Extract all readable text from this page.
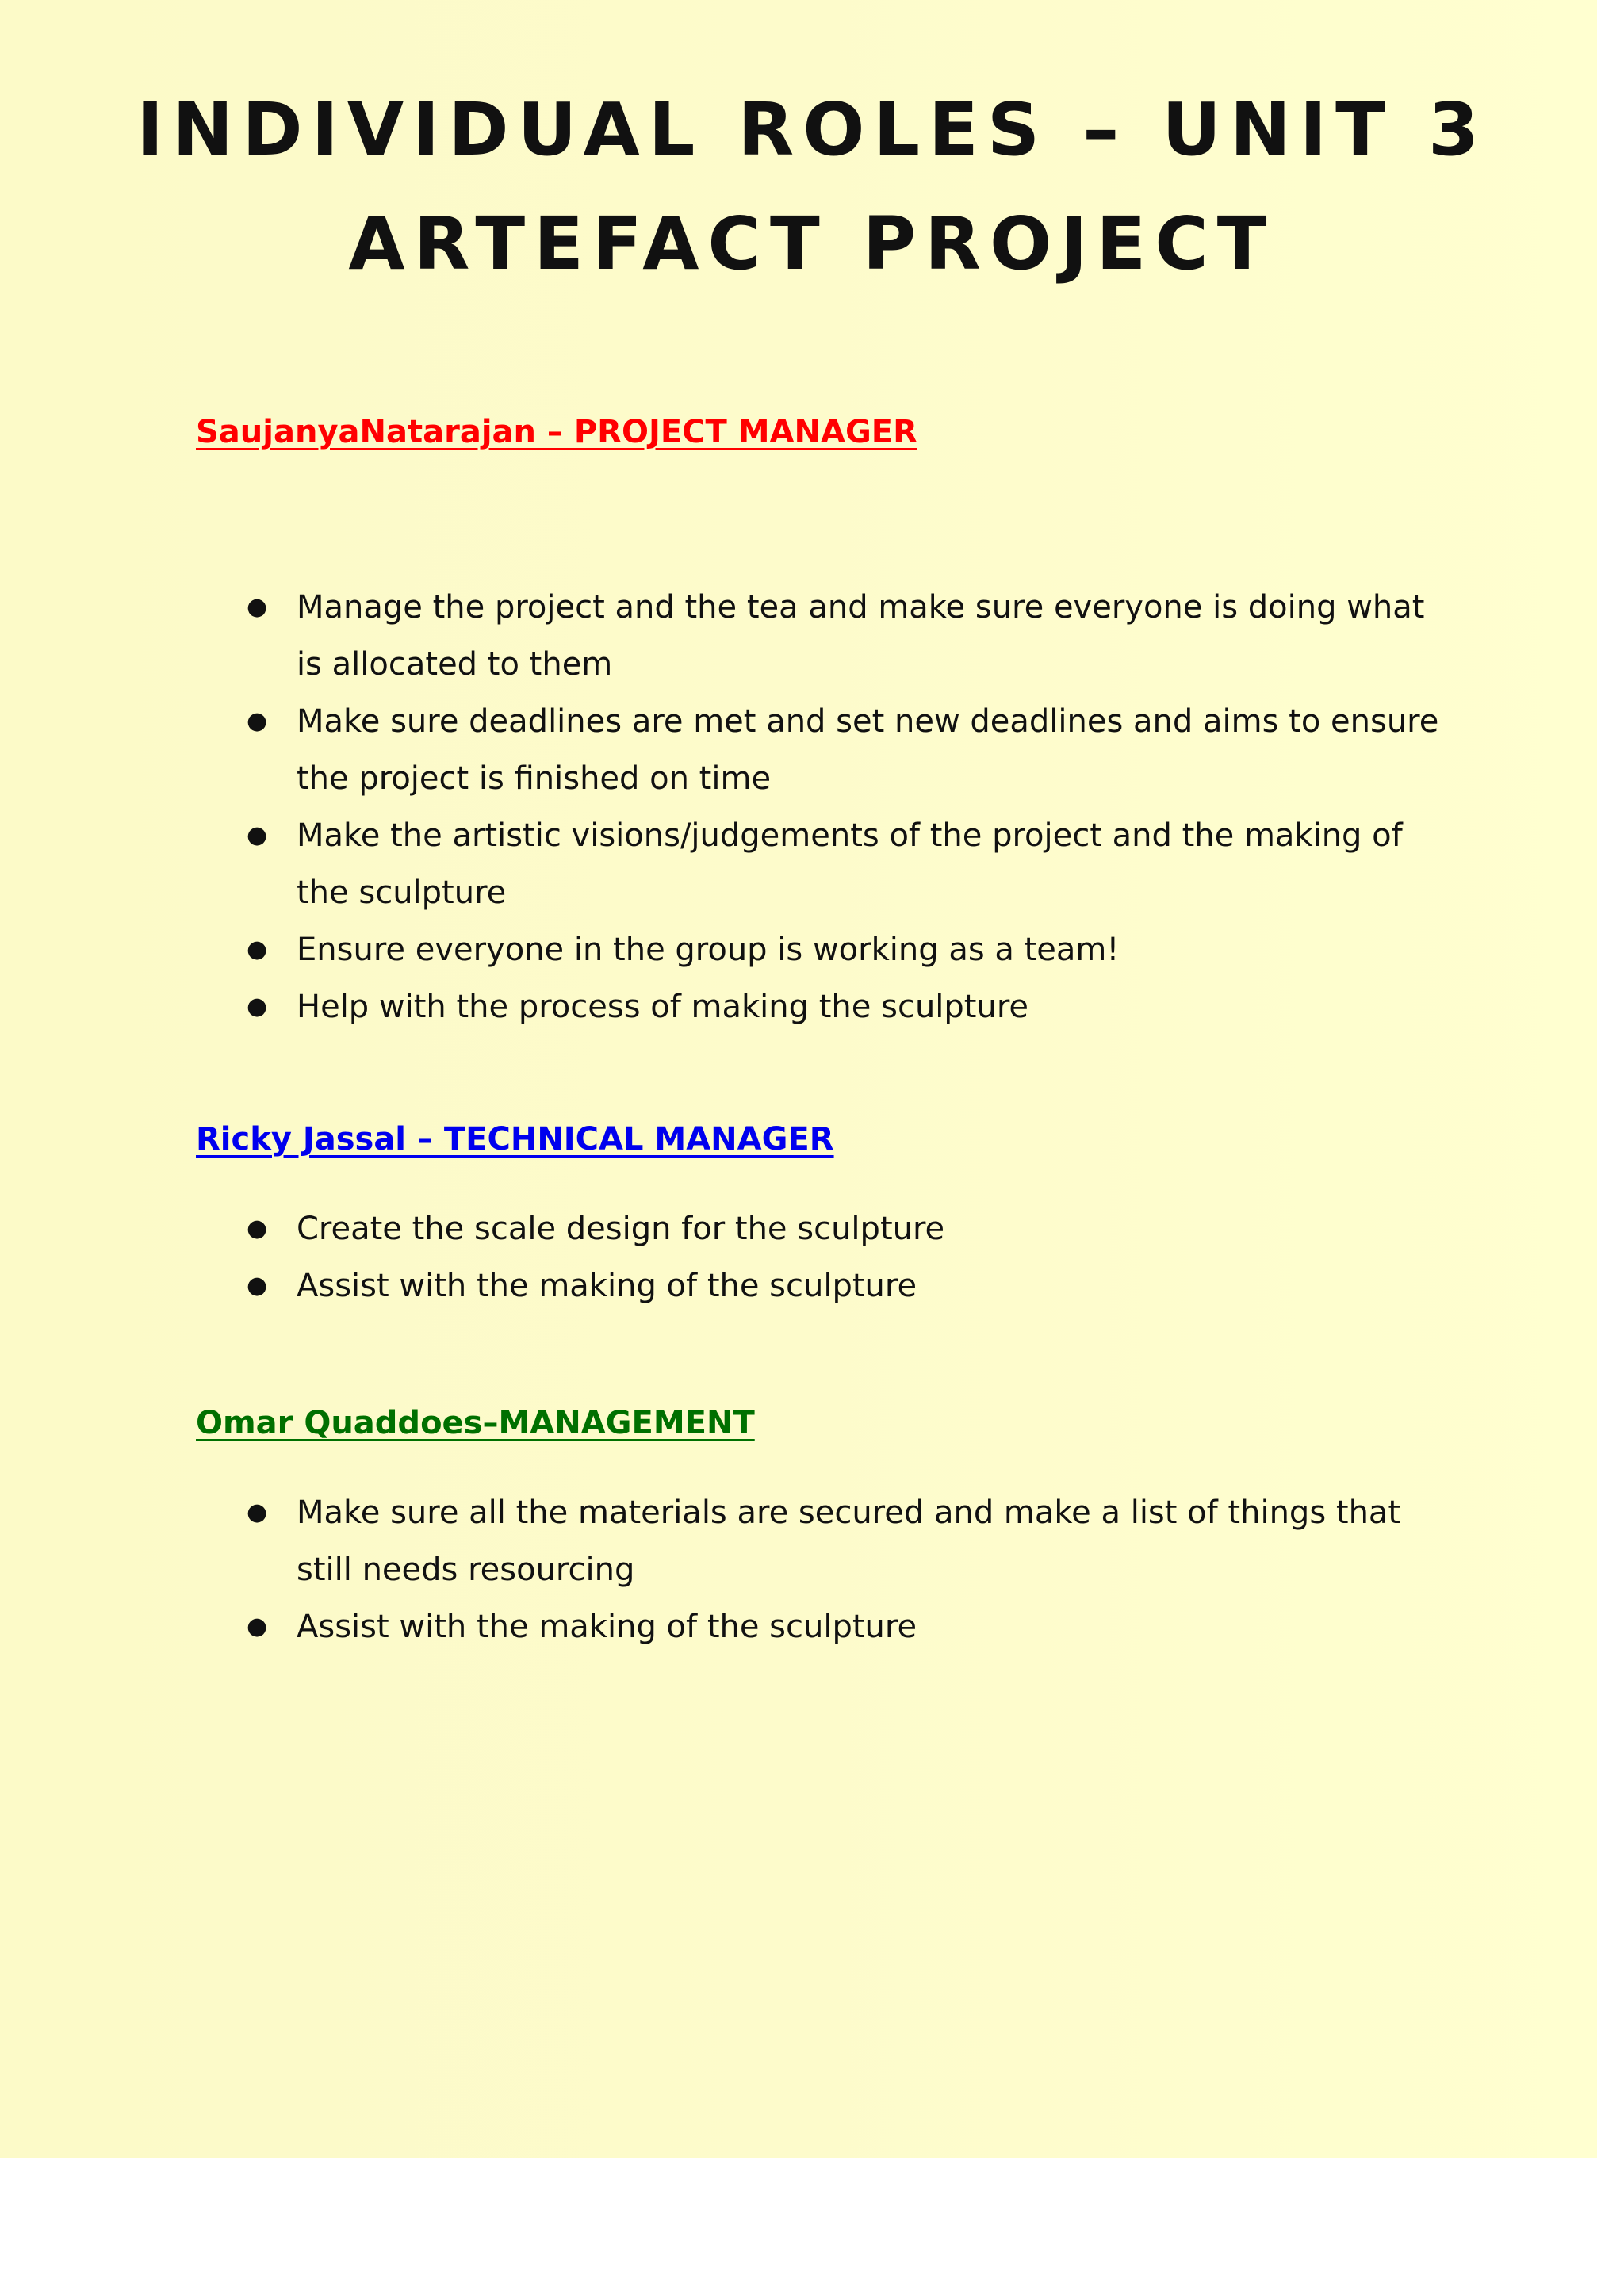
INDIVIDUAL ROLES – UNIT 3
ARTEFACT PROJECT
SaujanyaNatarajan – PROJECT MANAGER
● Manage the project and the tea and make sure everyone is doing what is allocated to them
● Make sure deadlines are met and set new deadlines and aims to ensure the project is finished on time
● Make the artistic visions/judgements of the project and the making of the sculpture
● Ensure everyone in the group is working as a team!
● Help with the process of making the sculpture
Ricky Jassal – TECHNICAL MANAGER
● Create the scale design for the sculpture
● Assist with the making of the sculpture
Omar Quaddoes–MANAGEMENT
● Make sure all the materials are secured and make a list of things that still needs resourcing
● Assist with the making of the sculpture
